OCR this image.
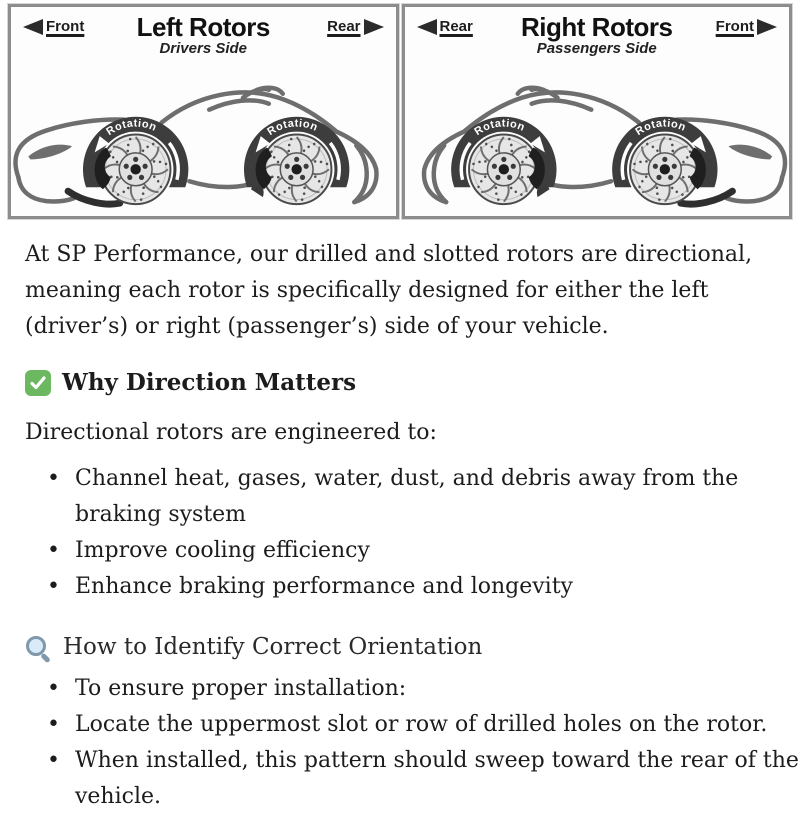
Front	Left Rotors
Drivers Side
Rear	Rear	Right Rotors
Passengers Side
Front
At SP Performance, our drilled and slotted rotors are directional,
meaning each rotor is specifically designed for either the left
(driver’s) or right (passenger’s) side of your vehicle.
Why Direction Matters
Directional rotors are engineered to:
• Channel heat, gases, water, dust, and debris away from the
braking system
• Improve cooling efficiency
• Enhance braking performance and longevity
How to Identify Correct Orientation
• To ensure proper installation:
• Locate the uppermost slot or row of drilled holes on the rotor.
• When installed, this pattern should sweep toward the rear of the
vehicle.
